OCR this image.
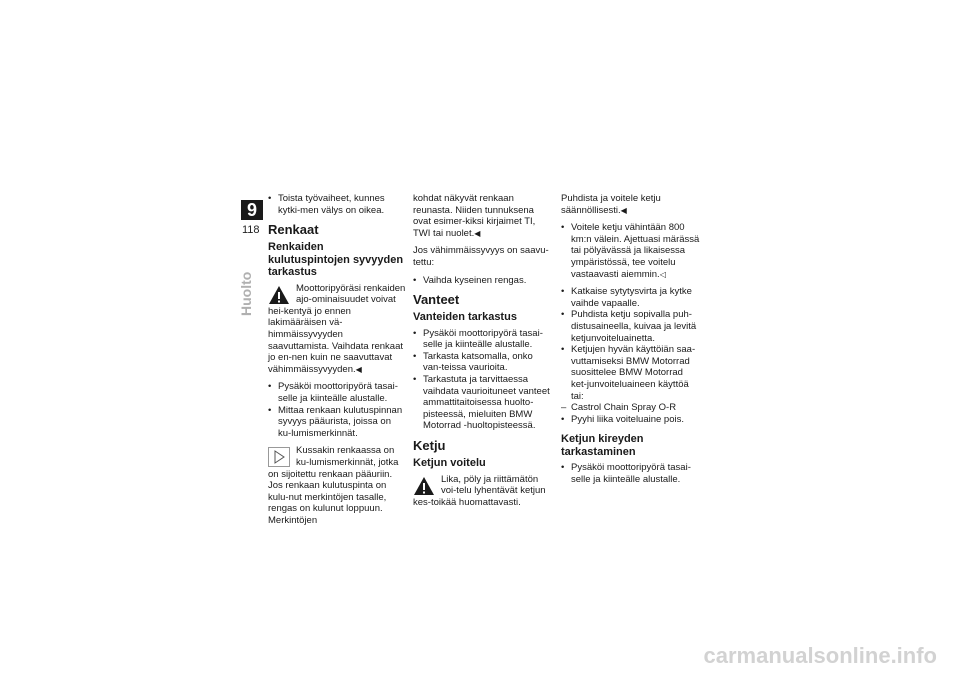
9
118
Huolto
• Toista työvaiheet, kunnes kytki-men välys on oikea.
Renkaat
Renkaiden kulutuspintojen syvyyden tarkastus
Moottoripyöräsi renkaiden ajo-ominaisuudet voivat hei-kentyä jo ennen lakimääräisen vä-himmäissyvyyden saavuttamista. Vaihdata renkaat jo en-nen kuin ne saavuttavat vähimmäissyvyyden.◀
• Pysäköi moottoripyörä tasai-selle ja kiinteälle alustalle.
• Mittaa renkaan kulutuspinnan syvyys pääurista, joissa on ku-lumismerkinnät.
Kussakin renkaassa on ku-lumismerkinnät, jotka on sijoitettu renkaan pääuriin. Jos renkaan kulutuspinta on kulu-nut merkintöjen tasalle, rengas on kulunut loppuun. Merkintöjen

kohdat näkyvät renkaan reunasta. Niiden tunnuksena ovat esimer-kiksi kirjaimet TI, TWI tai nuolet.◀

Jos vähimmäissyvyys on saavu-tettu:

• Vaihda kyseinen rengas.
Vanteet
Vanteiden tarkastus
• Pysäköi moottoripyörä tasai-selle ja kiinteälle alustalle.
• Tarkasta katsomalla, onko van-teissa vaurioita.
• Tarkastuta ja tarvittaessa vaihdata vaurioituneet vanteet ammattitaitoisessa huolto-pisteessä, mieluiten BMW Motorrad -huoltopisteessä.
Ketju
Ketjun voitelu
Lika, pöly ja riittämätön voi-telu lyhentävät ketjun kes-toikää huomattavasti.

Puhdista ja voitele ketju säännöllisesti.◀

• Voitele ketju vähintään 800 km:n välein. Ajettuasi märässä tai pölyävässä ja likaisessa ympäristössä, tee voitelu vastaavasti aiemmin.◁
• Katkaise sytytysvirta ja kytke vaihde vapaalle.
• Puhdista ketju sopivalla puh-distusaineella, kuivaa ja levitä ketjunvoiteluainetta.
• Ketjujen hyvän käyttöiän saa-vuttamiseksi BMW Motorrad suosittelee BMW Motorrad ket-junvoiteluaineen käyttöä tai:
– Castrol Chain Spray O-R
• Pyyhi liika voiteluaine pois.
Ketjun kireyden tarkastaminen
• Pysäköi moottoripyörä tasai-selle ja kiinteälle alustalle.
carmanualsonline.info
